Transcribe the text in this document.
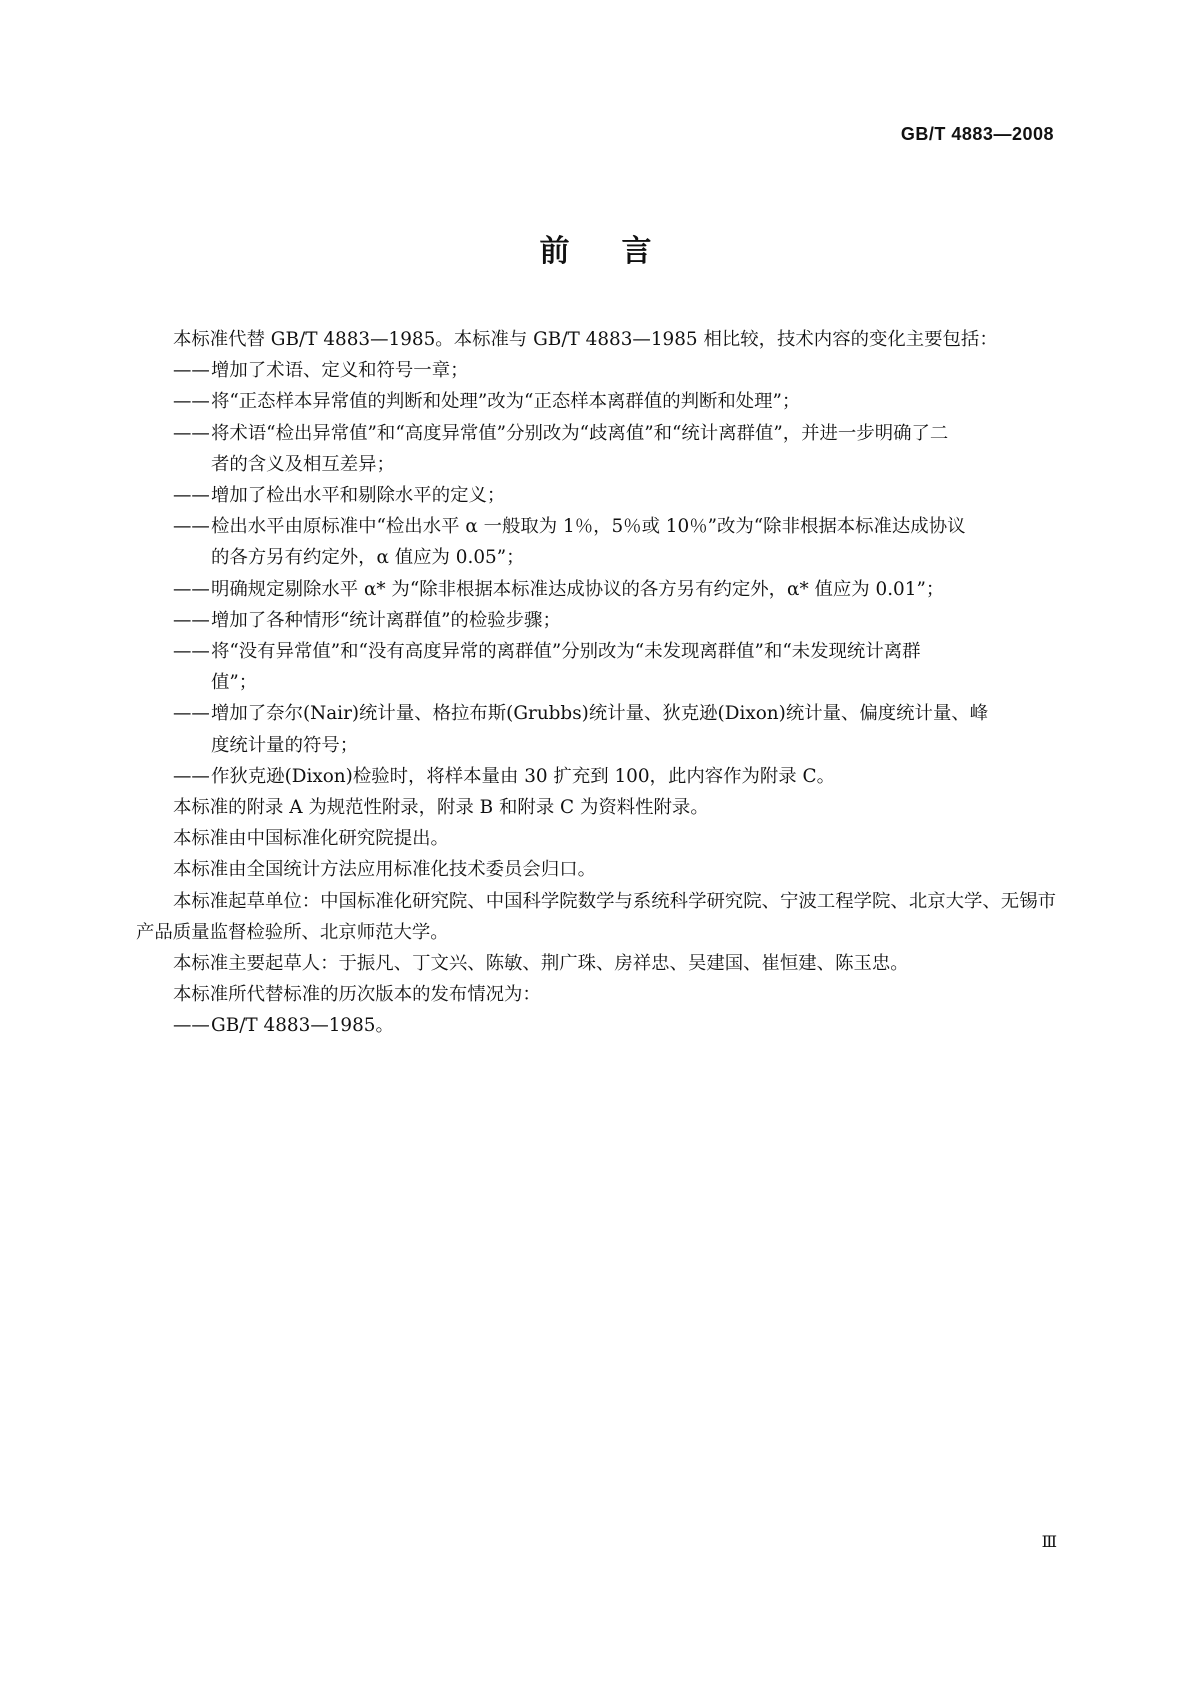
GB/T 4883—2008
前言

本标准代替 GB/T 4883—1985。本标准与 GB/T 4883—1985 相比较，技术内容的变化主要包括：

—— 增加了术语、定义和符号一章；
—— 将“正态样本异常值的判断和处理”改为“正态样本离群值的判断和处理”；
—— 将术语“检出异常值”和“高度异常值”分别改为“歧离值”和“统计离群值”，并进一步明确了二
者的含义及相互差异；
—— 增加了检出水平和剔除水平的定义；
—— 检出水平由原标准中“检出水平 α 一般取为 1％，5％或 10％”改为“除非根据本标准达成协议
的各方另有约定外，α 值应为 0.05”；
—— 明确规定剔除水平 α* 为“除非根据本标准达成协议的各方另有约定外，α* 值应为 0.01”；
—— 增加了各种情形“统计离群值”的检验步骤；
—— 将“没有异常值”和“没有高度异常的离群值”分别改为“未发现离群值”和“未发现统计离群
值”；
—— 增加了奈尔(Nair)统计量、格拉布斯(Grubbs)统计量、狄克逊(Dixon)统计量、偏度统计量、峰
度统计量的符号；
—— 作狄克逊(Dixon)检验时，将样本量由 30 扩充到 100，此内容作为附录 C。

本标准的附录 A 为规范性附录，附录 B 和附录 C 为资料性附录。

本标准由中国标准化研究院提出。

本标准由全国统计方法应用标准化技术委员会归口。

本标准起草单位：中国标准化研究院、中国科学院数学与系统科学研究院、宁波工程学院、北京大学、无锡市产品质量监督检验所、北京师范大学。

本标准主要起草人：于振凡、丁文兴、陈敏、荆广珠、房祥忠、吴建国、崔恒建、陈玉忠。

本标准所代替标准的历次版本的发布情况为：

—— GB/T 4883—1985。
Ⅲ
